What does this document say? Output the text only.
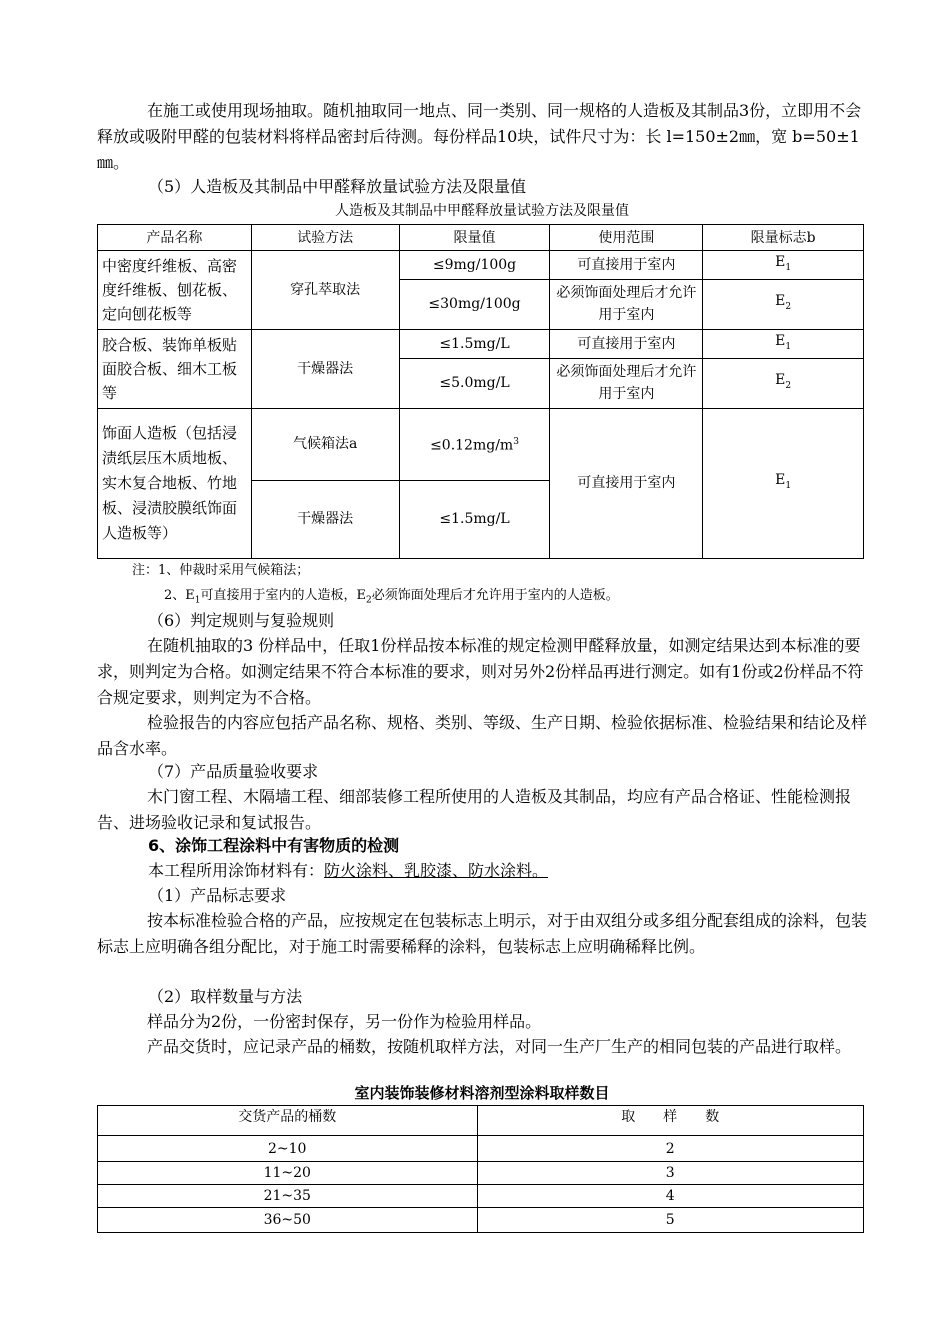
在施工或使用现场抽取。随机抽取同一地点、同一类别、同一规格的人造板及其制品3份，立即用不会释放或吸附甲醛的包装材料将样品密封后待测。每份样品10块，试件尺寸为：长 l=150±2㎜，宽 b=50±1㎜。

（5）人造板及其制品中甲醛释放量试验方法及限量值
人造板及其制品中甲醛释放量试验方法及限量值
产品名称	试验方法	限量值	使用范围	限量标志b
中密度纤维板、高密度纤维板、刨花板、定向刨花板等	穿孔萃取法	≤9mg/100g	可直接用于室内	$E_1$
		≤30mg/100g	必须饰面处理后才允许用于室内	$E_2$
胶合板、装饰单板贴面胶合板、细木工板等	干燥器法	≤1.5mg/L	可直接用于室内	$E_1$
		≤5.0mg/L	必须饰面处理后才允许用于室内	$E_2$
饰面人造板（包括浸渍纸层压木质地板、实木复合地板、竹地板、浸渍胶膜纸饰面人造板等）	气候箱法a	$\le 0.12mg/m^3$	可直接用于室内	$E_1$
	干燥器法	≤1.5mg/L		
注：1、仲裁时采用气候箱法；
2、$E_1$可直接用于室内的人造板，$E_2$必须饰面处理后才允许用于室内的人造板。
（6）判定规则与复验规则

在随机抽取的3 份样品中，任取1份样品按本标准的规定检测甲醛释放量，如测定结果达到本标准的要求，则判定为合格。如测定结果不符合本标准的要求，则对另外2份样品再进行测定。如有1份或2份样品不符合规定要求，则判定为不合格。

检验报告的内容应包括产品名称、规格、类别、等级、生产日期、检验依据标准、检验结果和结论及样品含水率。

（7）产品质量验收要求

木门窗工程、木隔墙工程、细部装修工程所使用的人造板及其制品，均应有产品合格证、性能检测报告、进场验收记录和复试报告。

6、涂饰工程涂料中有害物质的检测
本工程所用涂饰材料有：防火涂料、乳胶漆、防水涂料。
（1）产品标志要求

按本标准检验合格的产品，应按规定在包装标志上明示，对于由双组分或多组分配套组成的涂料，包装标志上应明确各组分配比，对于施工时需要稀释的涂料，包装标志上应明确稀释比例。

（2）取样数量与方法

样品分为2份，一份密封保存，另一份作为检验用样品。

产品交货时，应记录产品的桶数，按随机取样方法，对同一生产厂生产的相同包装的产品进行取样。

室内装饰装修材料溶剂型涂料取样数目
交货产品的桶数	取　　样　　数
2~10	2
11~20	3
21~35	4
36~50	5
